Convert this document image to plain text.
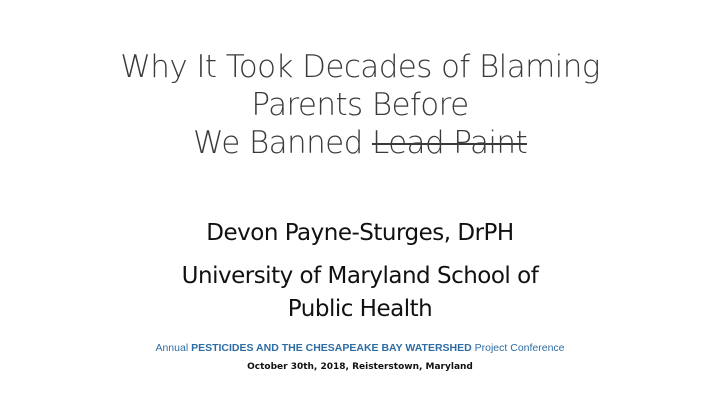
Why It Took Decades of Blaming
Parents Before
We Banned Lead Paint
Devon Payne-Sturges, DrPH
University of Maryland School of
Public Health
Annual PESTICIDES AND THE CHESAPEAKE BAY WATERSHED Project Conference
October 30th, 2018, Reisterstown, Maryland
